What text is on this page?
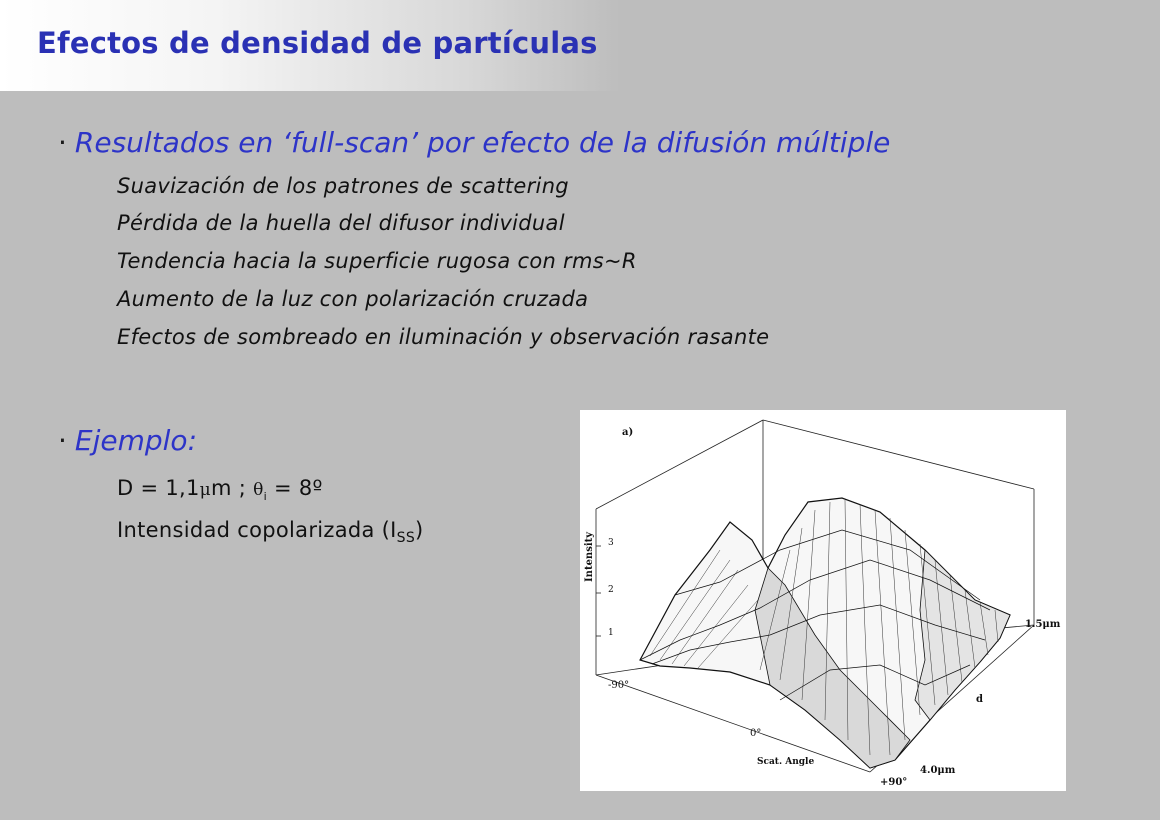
Efectos de densidad de partículas
· Resultados en ‘full-scan’ por efecto de la difusión múltiple
Suavización de los patrones de scattering
Pérdida de la huella del difusor individual
Tendencia hacia la superficie rugosa con rms~R
Aumento de la luz con polarización cruzada
Efectos de sombreado en iluminación y observación rasante
· Ejemplo:
D = 1,1μm ; $\theta_i$ = 8º
Intensidad copolarizada $(I_{SS})$
a)
Intensity 3
2
1
-90°
0°
Scat. Angle
+90°
1.5μm
4.0μm
d
